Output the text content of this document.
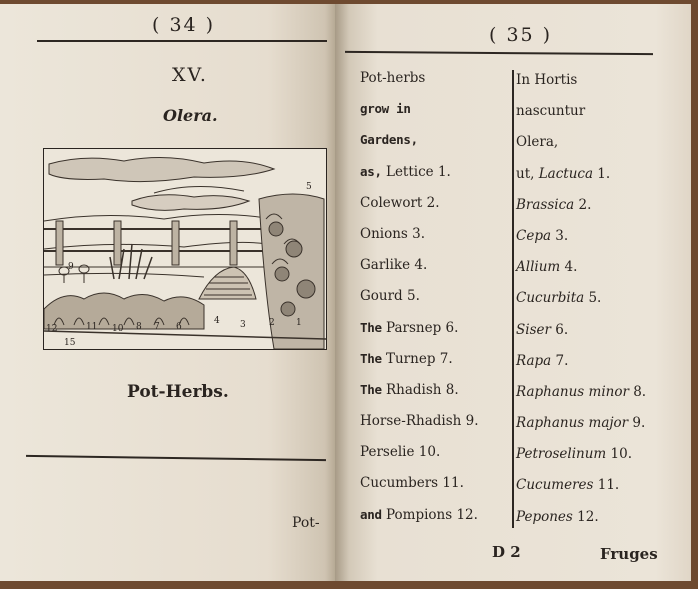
( 34 )
XV.
Olera.
5
1
2
3
4
6
7
8
9
10
11
12
15
Pot-Herbs.
Pot-
( 35 )
Pot-herbs
grow in
Gardens,
as, Lettice 1.
Colewort 2.
Onions 3.
Garlike 4.
Gourd 5.
The Parsnep 6.
The Turnep 7.
The Rhadish 8.
Horse-Rhadish 9.
Perselie 10.
Cucumbers 11.
and Pompions 12.
In Hortis
nascuntur
Olera,
ut, Lactuca 1.
Brassica 2.
Cepa 3.
Allium 4.
Cucurbita 5.
Siser 6.
Rapa 7.
Raphanus minor 8.
Raphanus major 9.
Petroselinum 10.
Cucumeres 11.
Pepones 12.
D 2	Fruges
